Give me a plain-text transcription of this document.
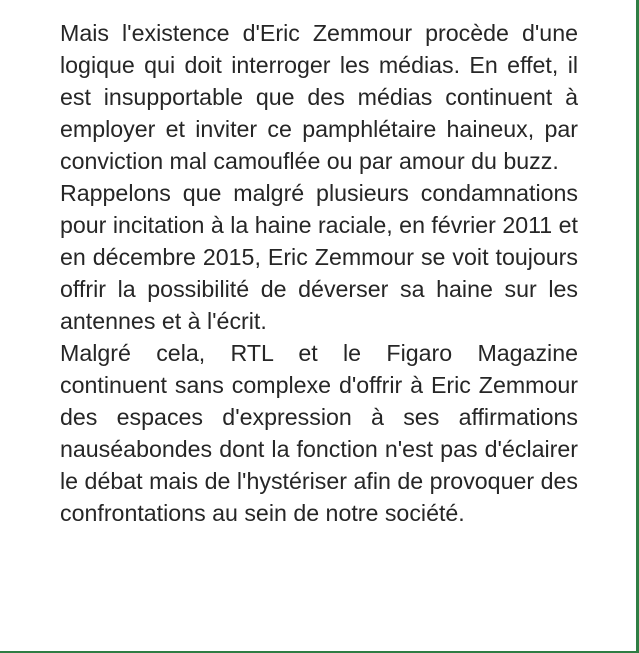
Mais l'existence d'Eric Zemmour procède d'une logique qui doit interroger les médias. En effet, il est insupportable que des médias continuent à employer et inviter ce pamphlétaire haineux, par conviction mal camouflée ou par amour du buzz.

Rappelons que malgré plusieurs condamnations pour incitation à la haine raciale, en février 2011 et en décembre 2015, Eric Zemmour se voit toujours offrir la possibilité de déverser sa haine sur les antennes et à l'écrit.

Malgré cela, RTL et le Figaro Magazine continuent sans complexe d'offrir à Eric Zemmour des espaces d'expression à ses affirmations nauséabondes dont la fonction n'est pas d'éclairer le débat mais de l'hystériser afin de provoquer des confrontations au sein de notre société.
